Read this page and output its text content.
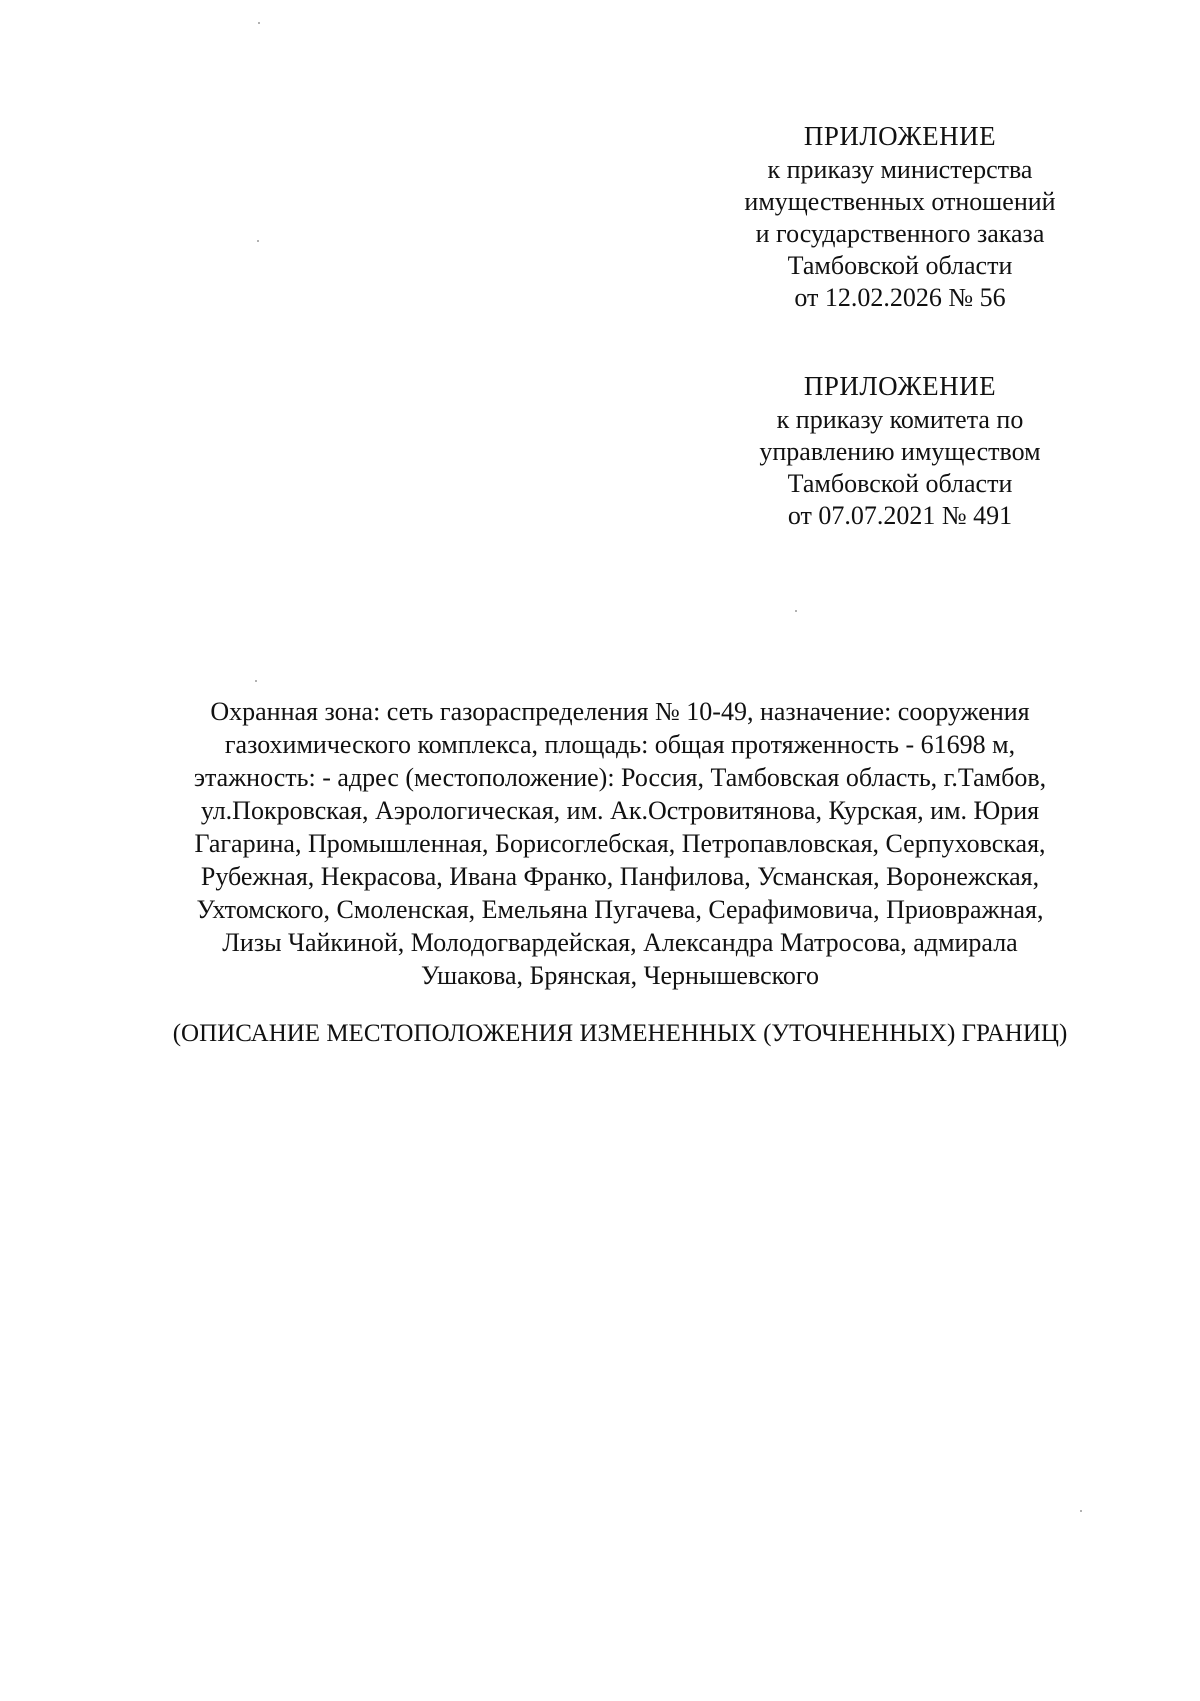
ПРИЛОЖЕНИЕ
к приказу министерства
имущественных отношений
и государственного заказа
Тамбовской области
от 12.02.2026 № 56
ПРИЛОЖЕНИЕ
к приказу комитета по
управлению имуществом
Тамбовской области
от 07.07.2021 № 491
Охранная зона: сеть газораспределения № 10-49, назначение: сооружения
газохимического комплекса, площадь: общая протяженность - 61698 м,
этажность: - адрес (местоположение): Россия, Тамбовская область, г.Тамбов,
ул.Покровская, Аэрологическая, им. Ак.Островитянова, Курская, им. Юрия
Гагарина, Промышленная, Борисоглебская, Петропавловская, Серпуховская,
Рубежная, Некрасова, Ивана Франко, Панфилова, Усманская, Воронежская,
Ухтомского, Смоленская, Емельяна Пугачева, Серафимовича, Приовражная,
Лизы Чайкиной, Молодогвардейская, Александра Матросова, адмирала
Ушакова, Брянская, Чернышевского
(ОПИСАНИЕ МЕСТОПОЛОЖЕНИЯ ИЗМЕНЕННЫХ (УТОЧНЕННЫХ) ГРАНИЦ)
